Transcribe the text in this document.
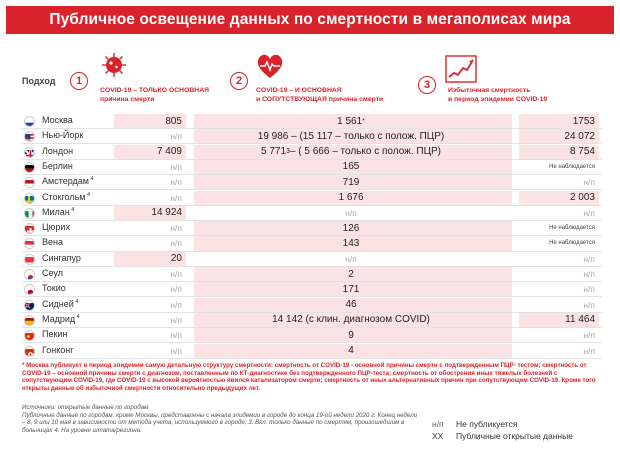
Публичное освещение данных по смертности в мегаполисах мира
Подход	1
COVID-19 – ТОЛЬКО ОСНОВНАЯ
причина смерти
2
COVID-19 – И ОСНОВНАЯ
и СОПУТСТВУЮЩАЯ причина смерти
3	Избыточная смертность
в период эпидемии COVID-19
Москва	805	1 561 *	1753
Нью-Йорк	н/п	19 986 – (15 117 – только с полож. ПЦР)	24 072
Лондон	7 409	5 771 3 – ( 5 666 – только с полож. ПЦР)	8 754
Берлин	н/п	165	Не наблюдается
Амстердам $^4$	н/п	719	н/п
Стокгольм $^4$	н/п	1 676	2 003
Милан $^4$	14 924	н/п	н/п
Цюрих	н/п	126	Не наблюдается
Вена	н/п	143	Не наблюдается
Сингапур	20	н/п	н/п
Сеул	н/п	2	н/п
Токио	н/п	171	н/п
Сидней $^4$	н/п	46	н/п
Мадрид $^4$	н/п	14 142 (с клин. диагнозом COVID)	11 464
Пекин	н/п	9	н/п
Гонконг	н/п	4	н/п
* Москва публикует в период эпидемии самую детальную структуру смертности: смертность от COVID-19 - основной причины смерти с подтвержденным ПЦР- тестом; смертность от COVID-19 – основной причины смерти с диагнозом, поставленным по КТ-диагностике без подтвержденного ПЦР-теста; смертность от обострения иных тяжелых болезней с сопутствующим COVID-19, где COVID-19 с высокой вероятностью явился катализатором смерти; смертность от иных альтернативных причин при сопутствующем COVID-19. Кроме того открыты данные об избыточной смертности относительно предыдущих лет.
Источники: открытые данные по городам
Публичные данные по городам, кроме Москвы, представлены с начала эпидемии в городе до конца 19-ой недели 2020 г. Конец недели – 8, 9 или 10 мая в зависимости от метода учета, используемого в городе; 3. Вкл. только данные по смертям, произошедшим в больницах 4. На уровне штата/региона.
н/п Не публикуется
XX Публичные открытые данные
